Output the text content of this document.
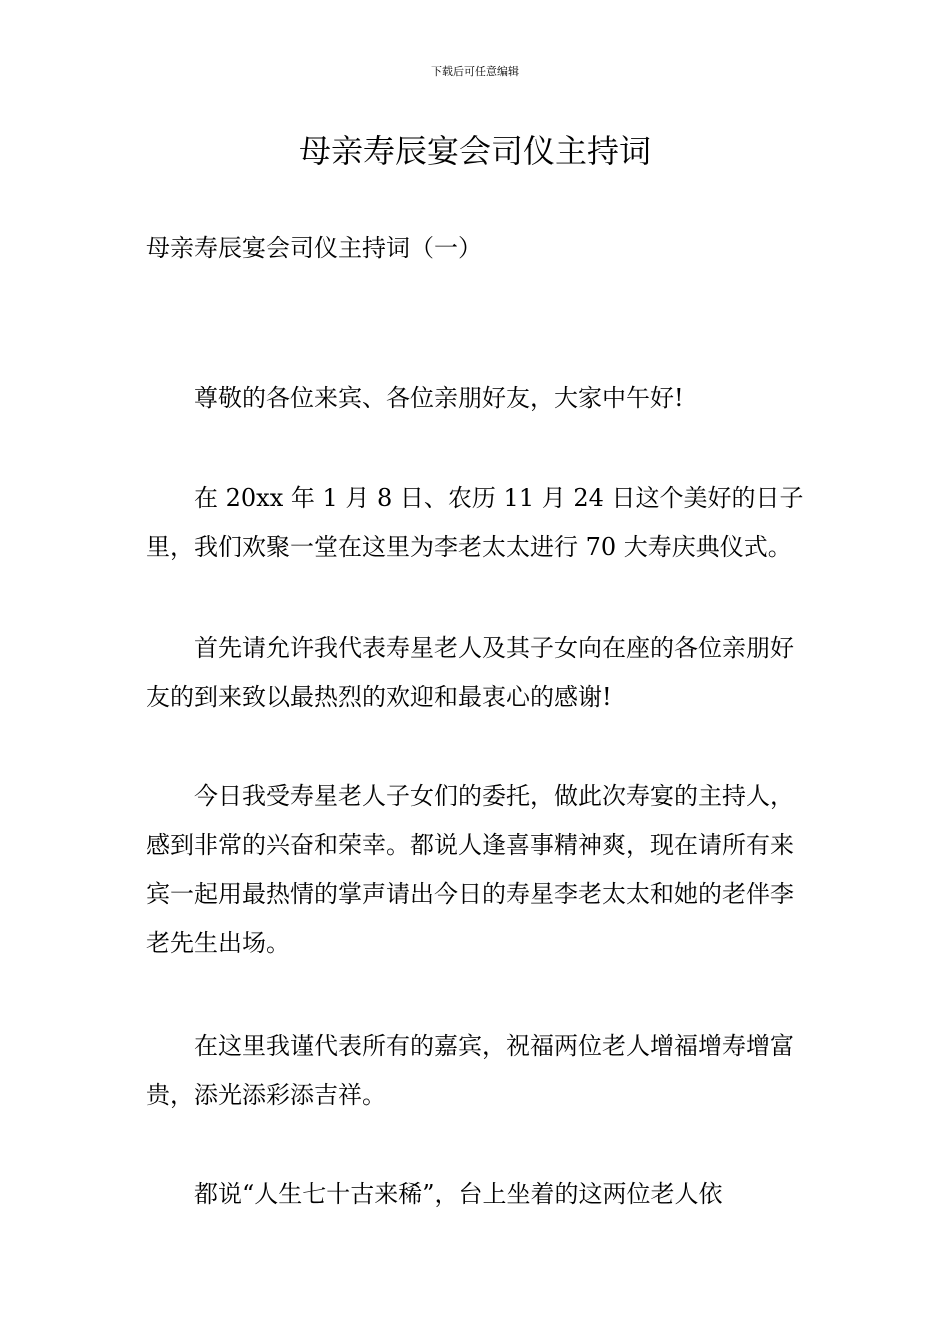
下载后可任意编辑
母亲寿辰宴会司仪主持词
母亲寿辰宴会司仪主持词（一）

尊敬的各位来宾、各位亲朋好友，大家中午好!

在 20xx 年 1 月 8 日、农历 11 月 24 日这个美好的日子里，我们欢聚一堂在这里为李老太太进行 70 大寿庆典仪式。

首先请允许我代表寿星老人及其子女向在座的各位亲朋好友的到来致以最热烈的欢迎和最衷心的感谢!

今日我受寿星老人子女们的委托，做此次寿宴的主持人，感到非常的兴奋和荣幸。都说人逢喜事精神爽，现在请所有来宾一起用最热情的掌声请出今日的寿星李老太太和她的老伴李老先生出场。

在这里我谨代表所有的嘉宾，祝福两位老人增福增寿增富贵，添光添彩添吉祥。

都说“人生七十古来稀”，台上坐着的这两位老人依
